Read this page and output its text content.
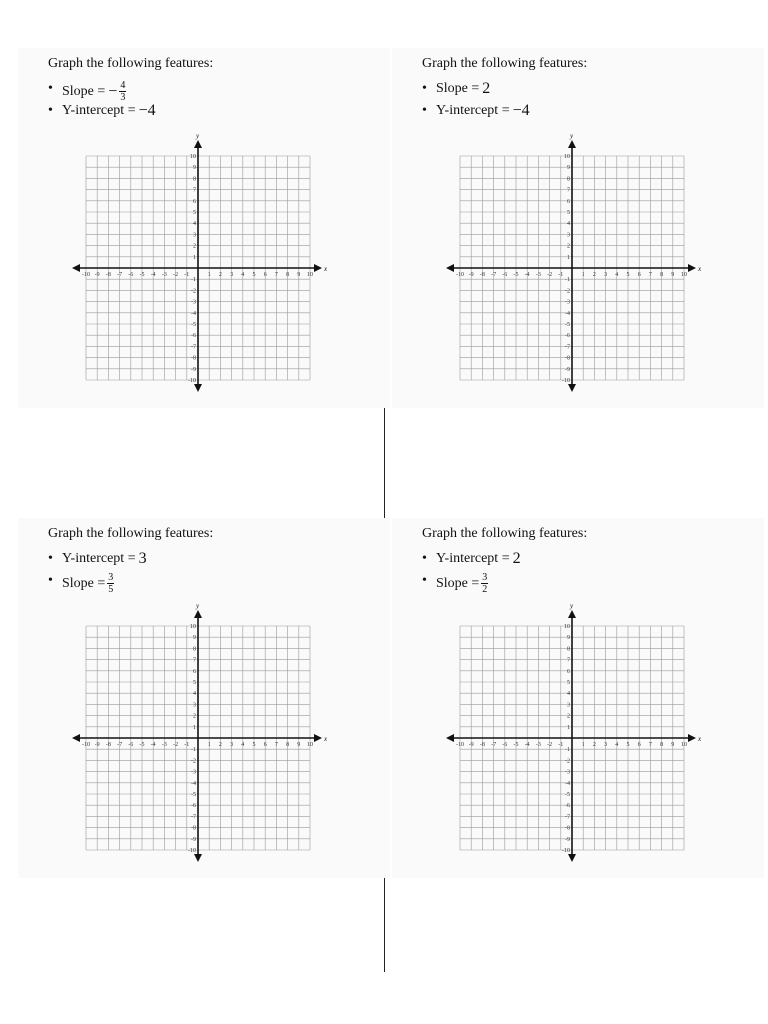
Graph the following features:
• Slope = − $\frac{4}{3}$
• Y-intercept = −4
x
y
-10 -9 -8 -7 -6 -5 -4 -3 -2 -1	1 2 3 4 5 6 7 8 9 10
10
9
8
7
6
5
4
3
2
1
-1
-2
-3
-4
-5
-6
-7
-8
-9
-10
Graph the following features:
• Slope = 2
• Y-intercept = −4
x
y
-10 -9 -8 -7 -6 -5 -4 -3 -2 -1	1 2 3 4 5 6 7 8 9 10
10
9
8
7
6
5
4
3
2
1
-1
-2
-3
-4
-5
-6
-7
-8
-9
-10
Graph the following features:
• Y-intercept = 3
• Slope = $\frac{3}{5}$
x
y
-10 -9 -8 -7 -6 -5 -4 -3 -2 -1	1 2 3 4 5 6 7 8 9 10
10
9
8
7
6
5
4
3
2
1
-1
-2
-3
-4
-5
-6
-7
-8
-9
-10
Graph the following features:
• Y-intercept = 2
• Slope = $\frac{3}{2}$
x
y
-10 -9 -8 -7 -6 -5 -4 -3 -2 -1	1 2 3 4 5 6 7 8 9 10
10
9
8
7
6
5
4
3
2
1
-1
-2
-3
-4
-5
-6
-7
-8
-9
-10
